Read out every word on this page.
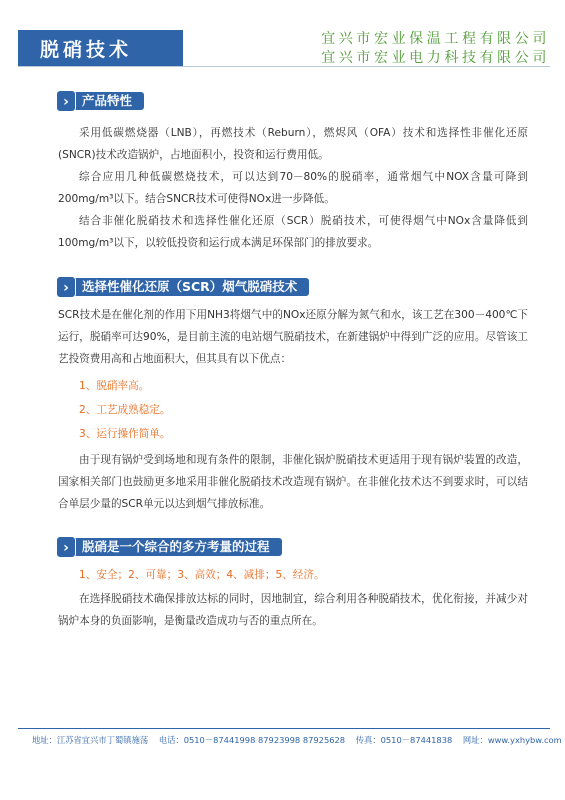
脱硝技术	宜兴市宏业保温工程有限公司
宜兴市宏业电力科技有限公司
产品特性
›
采用低碳燃烧器（LNB），再燃技术（Reburn），燃烬风（OFA）技术和选择性非催化还原(SNCR)技术改造锅炉，占地面积小，投资和运行费用低。
综合应用几种低碳燃烧技术，可以达到70－80%的脱硝率，通常烟气中NOX含量可降到200mg/m³以下。结合SNCR技术可使得NOx进一步降低。
结合非催化脱硝技术和选择性催化还原（SCR）脱硝技术，可使得烟气中NOx含量降低到100mg/m³以下，以较低投资和运行成本满足环保部门的排放要求。
选择性催化还原（SCR）烟气脱硝技术
›
SCR技术是在催化剂的作用下用NH3将烟气中的NOx还原分解为氮气和水，该工艺在300－400℃下运行，脱硝率可达90%，是目前主流的电站烟气脱硝技术，在新建锅炉中得到广泛的应用。尽管该工艺投资费用高和占地面积大，但其具有以下优点：
1、脱硝率高。
2、工艺成熟稳定。
3、运行操作简单。
由于现有锅炉受到场地和现有条件的限制，非催化锅炉脱硝技术更适用于现有锅炉装置的改造，国家相关部门也鼓励更多地采用非催化脱硝技术改造现有锅炉。在非催化技术达不到要求时，可以结合单层少量的SCR单元以达到烟气排放标准。
脱硝是一个综合的多方考量的过程
›
1、安全；2、可靠；3、高效；4、减排；5、经济。
在选择脱硝技术确保排放达标的同时，因地制宜，综合利用各种脱硝技术，优化衔接，并减少对锅炉本身的负面影响，是衡量改造成功与否的重点所在。
地址：江苏省宜兴市丁蜀镇施荡 电话：0510－87441998 87923998 87925628 传真：0510－87441838 网址：www.yxhybw.com
